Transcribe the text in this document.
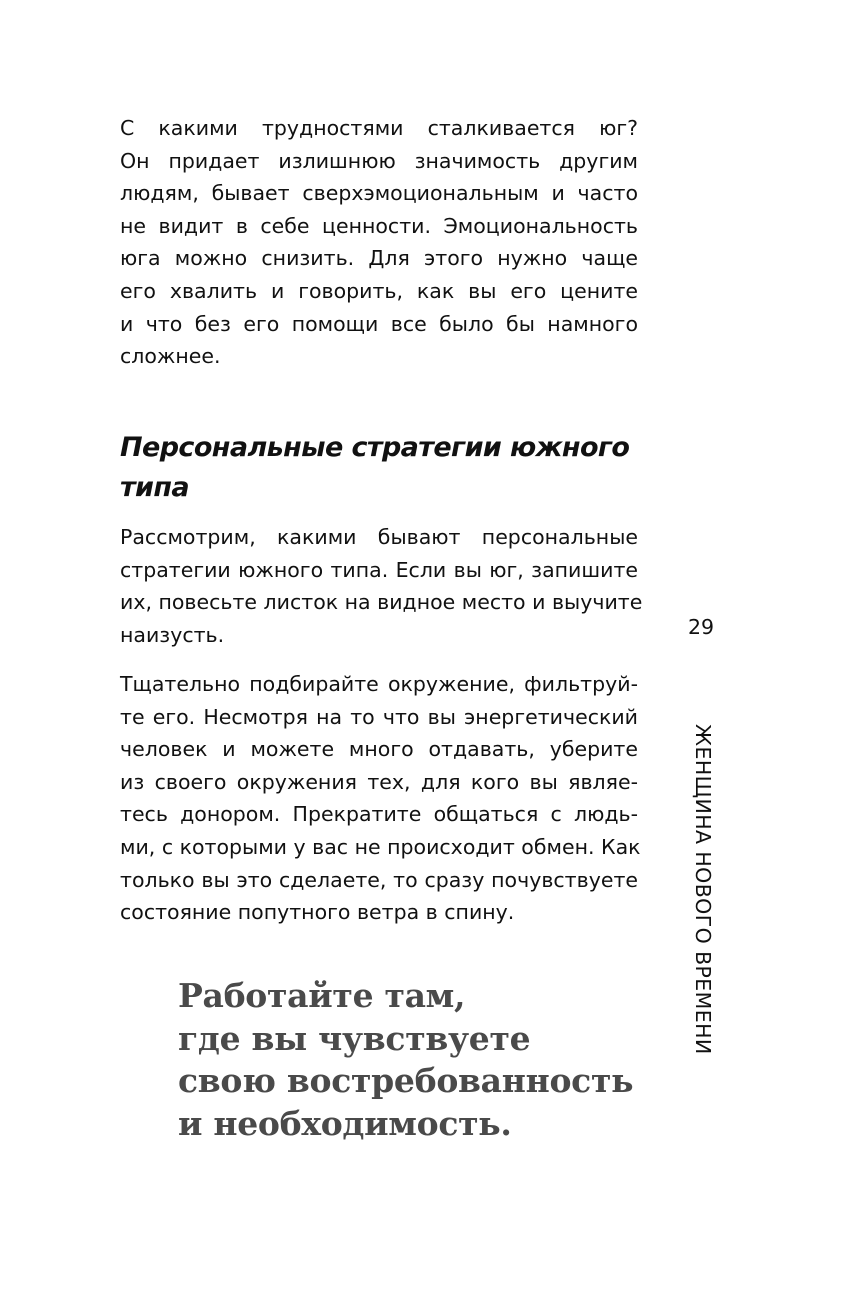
С какими трудностями сталкивается юг?
Он придает излишнюю значимость другим
людям, бывает сверхэмоциональным и часто
не видит в себе ценности. Эмоциональность
юга можно снизить. Для этого нужно чаще
его хвалить и говорить, как вы его цените
и что без его помощи все было бы намного
сложнее.
Персональные стратегии южного
типа
Рассмотрим, какими бывают персональные
стратегии южного типа. Если вы юг, запишите
их, повесьте листок на видное место и выучите
наизусть.
Тщательно подбирайте окружение, фильтруй-
те его. Несмотря на то что вы энергетический
человек и можете много отдавать, уберите
из своего окружения тех, для кого вы являе-
тесь донором. Прекратите общаться с людь-
ми, с которыми у вас не происходит обмен. Как
только вы это сделаете, то сразу почувствуете
состояние попутного ветра в спину.
Работайте там,
где вы чувствуете
свою востребованность
и необходимость.
29
ЖЕНЩИНА НОВОГО ВРЕМЕНИ
